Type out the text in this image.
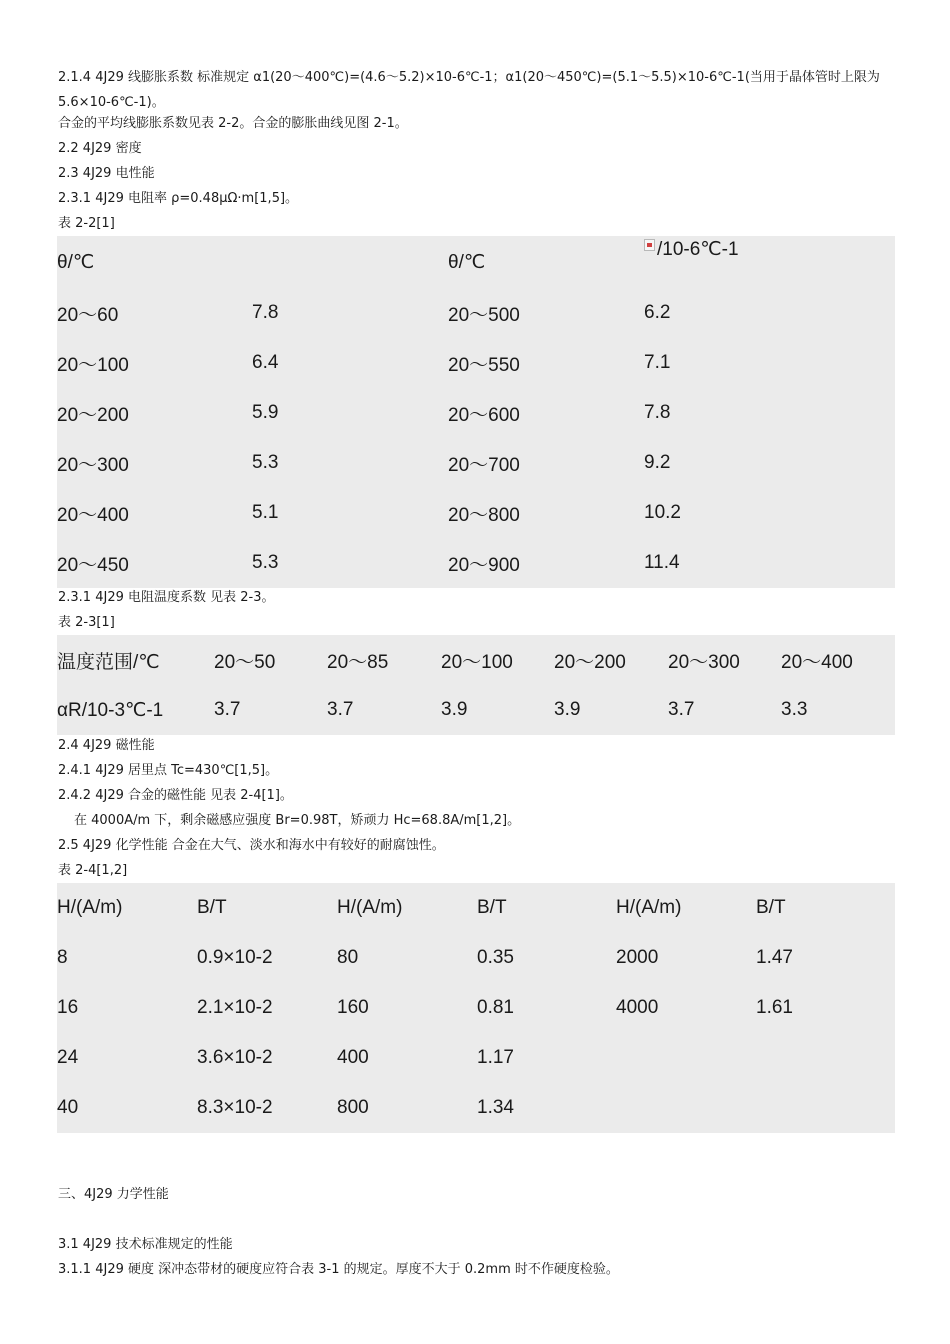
2.1.4 4J29 线膨胀系数 标准规定 α1(20～400℃)=(4.6～5.2)×10-6℃-1；α1(20～450℃)=(5.1～5.5)×10-6℃-1(当用于晶体管时上限为 5.6×10-6℃-1)。
合金的平均线膨胀系数见表 2-2。合金的膨胀曲线见图 2-1。
2.2 4J29 密度
2.3 4J29 电性能
2.3.1 4J29 电阻率 ρ=0.48μΩ·m[1,5]。
表 2-2[1]
θ/℃		θ/℃	/10-6℃-1
20～60	7.8	20～500	6.2
20～100	6.4	20～550	7.1
20～200	5.9	20～600	7.8
20～300	5.3	20～700	9.2
20～400	5.1	20～800	10.2
20～450	5.3	20～900	11.4
2.3.1 4J29 电阻温度系数 见表 2-3。
表 2-3[1]
温度范围/℃	20～50	20～85	20～100	20～200	20～300	20～400
αR/10-3℃-1	3.7	3.7	3.9	3.9	3.7	3.3
2.4 4J29 磁性能
2.4.1 4J29 居里点 Tc=430℃[1,5]。
2.4.2 4J29 合金的磁性能 见表 2-4[1]。
在 4000A/m 下，剩余磁感应强度 Br=0.98T，矫顽力 Hc=68.8A/m[1,2]。
2.5 4J29 化学性能 合金在大气、淡水和海水中有较好的耐腐蚀性。
表 2-4[1,2]
H/(A/m)	B/T	H/(A/m)	B/T	H/(A/m)	B/T
8	0.9×10-2	80	0.35	2000	1.47
16	2.1×10-2	160	0.81	4000	1.61
24	3.6×10-2	400	1.17		
40	8.3×10-2	800	1.34		
三、4J29 力学性能
3.1 4J29 技术标准规定的性能
3.1.1 4J29 硬度 深冲态带材的硬度应符合表 3-1 的规定。厚度不大于 0.2mm 时不作硬度检验。
